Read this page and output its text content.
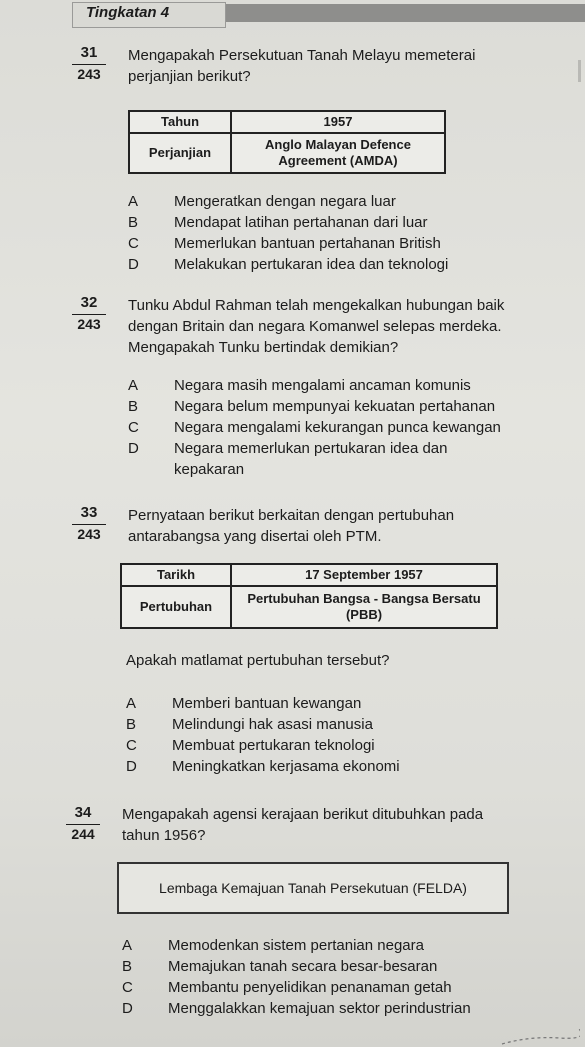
Tingkatan 4
31
243
Mengapakah Persekutuan Tanah Melayu memeterai
perjanjian berikut?
Tahun	1957
Perjanjian	Anglo Malayan Defence
Agreement (AMDA)
A	Mengeratkan dengan negara luar
B	Mendapat latihan pertahanan dari luar
C	Memerlukan bantuan pertahanan British
D	Melakukan pertukaran idea dan teknologi
32
243
Tunku Abdul Rahman telah mengekalkan hubungan baik
dengan Britain dan negara Komanwel selepas merdeka.
Mengapakah Tunku bertindak demikian?
A	Negara masih mengalami ancaman komunis
B	Negara belum mempunyai kekuatan pertahanan
C	Negara mengalami kekurangan punca kewangan
D	Negara memerlukan pertukaran idea dan
kepakaran
33
243
Pernyataan berikut berkaitan dengan pertubuhan
antarabangsa yang disertai oleh PTM.
Tarikh	17 September 1957
Pertubuhan	Pertubuhan Bangsa - Bangsa Bersatu
(PBB)
Apakah matlamat pertubuhan tersebut?
A	Memberi bantuan kewangan
B	Melindungi hak asasi manusia
C	Membuat pertukaran teknologi
D	Meningkatkan kerjasama ekonomi
34
244
Mengapakah agensi kerajaan berikut ditubuhkan pada
tahun 1956?
Lembaga Kemajuan Tanah Persekutuan (FELDA)
A	Memodenkan sistem pertanian negara
B	Memajukan tanah secara besar-besaran
C	Membantu penyelidikan penanaman getah
D	Menggalakkan kemajuan sektor perindustrian
